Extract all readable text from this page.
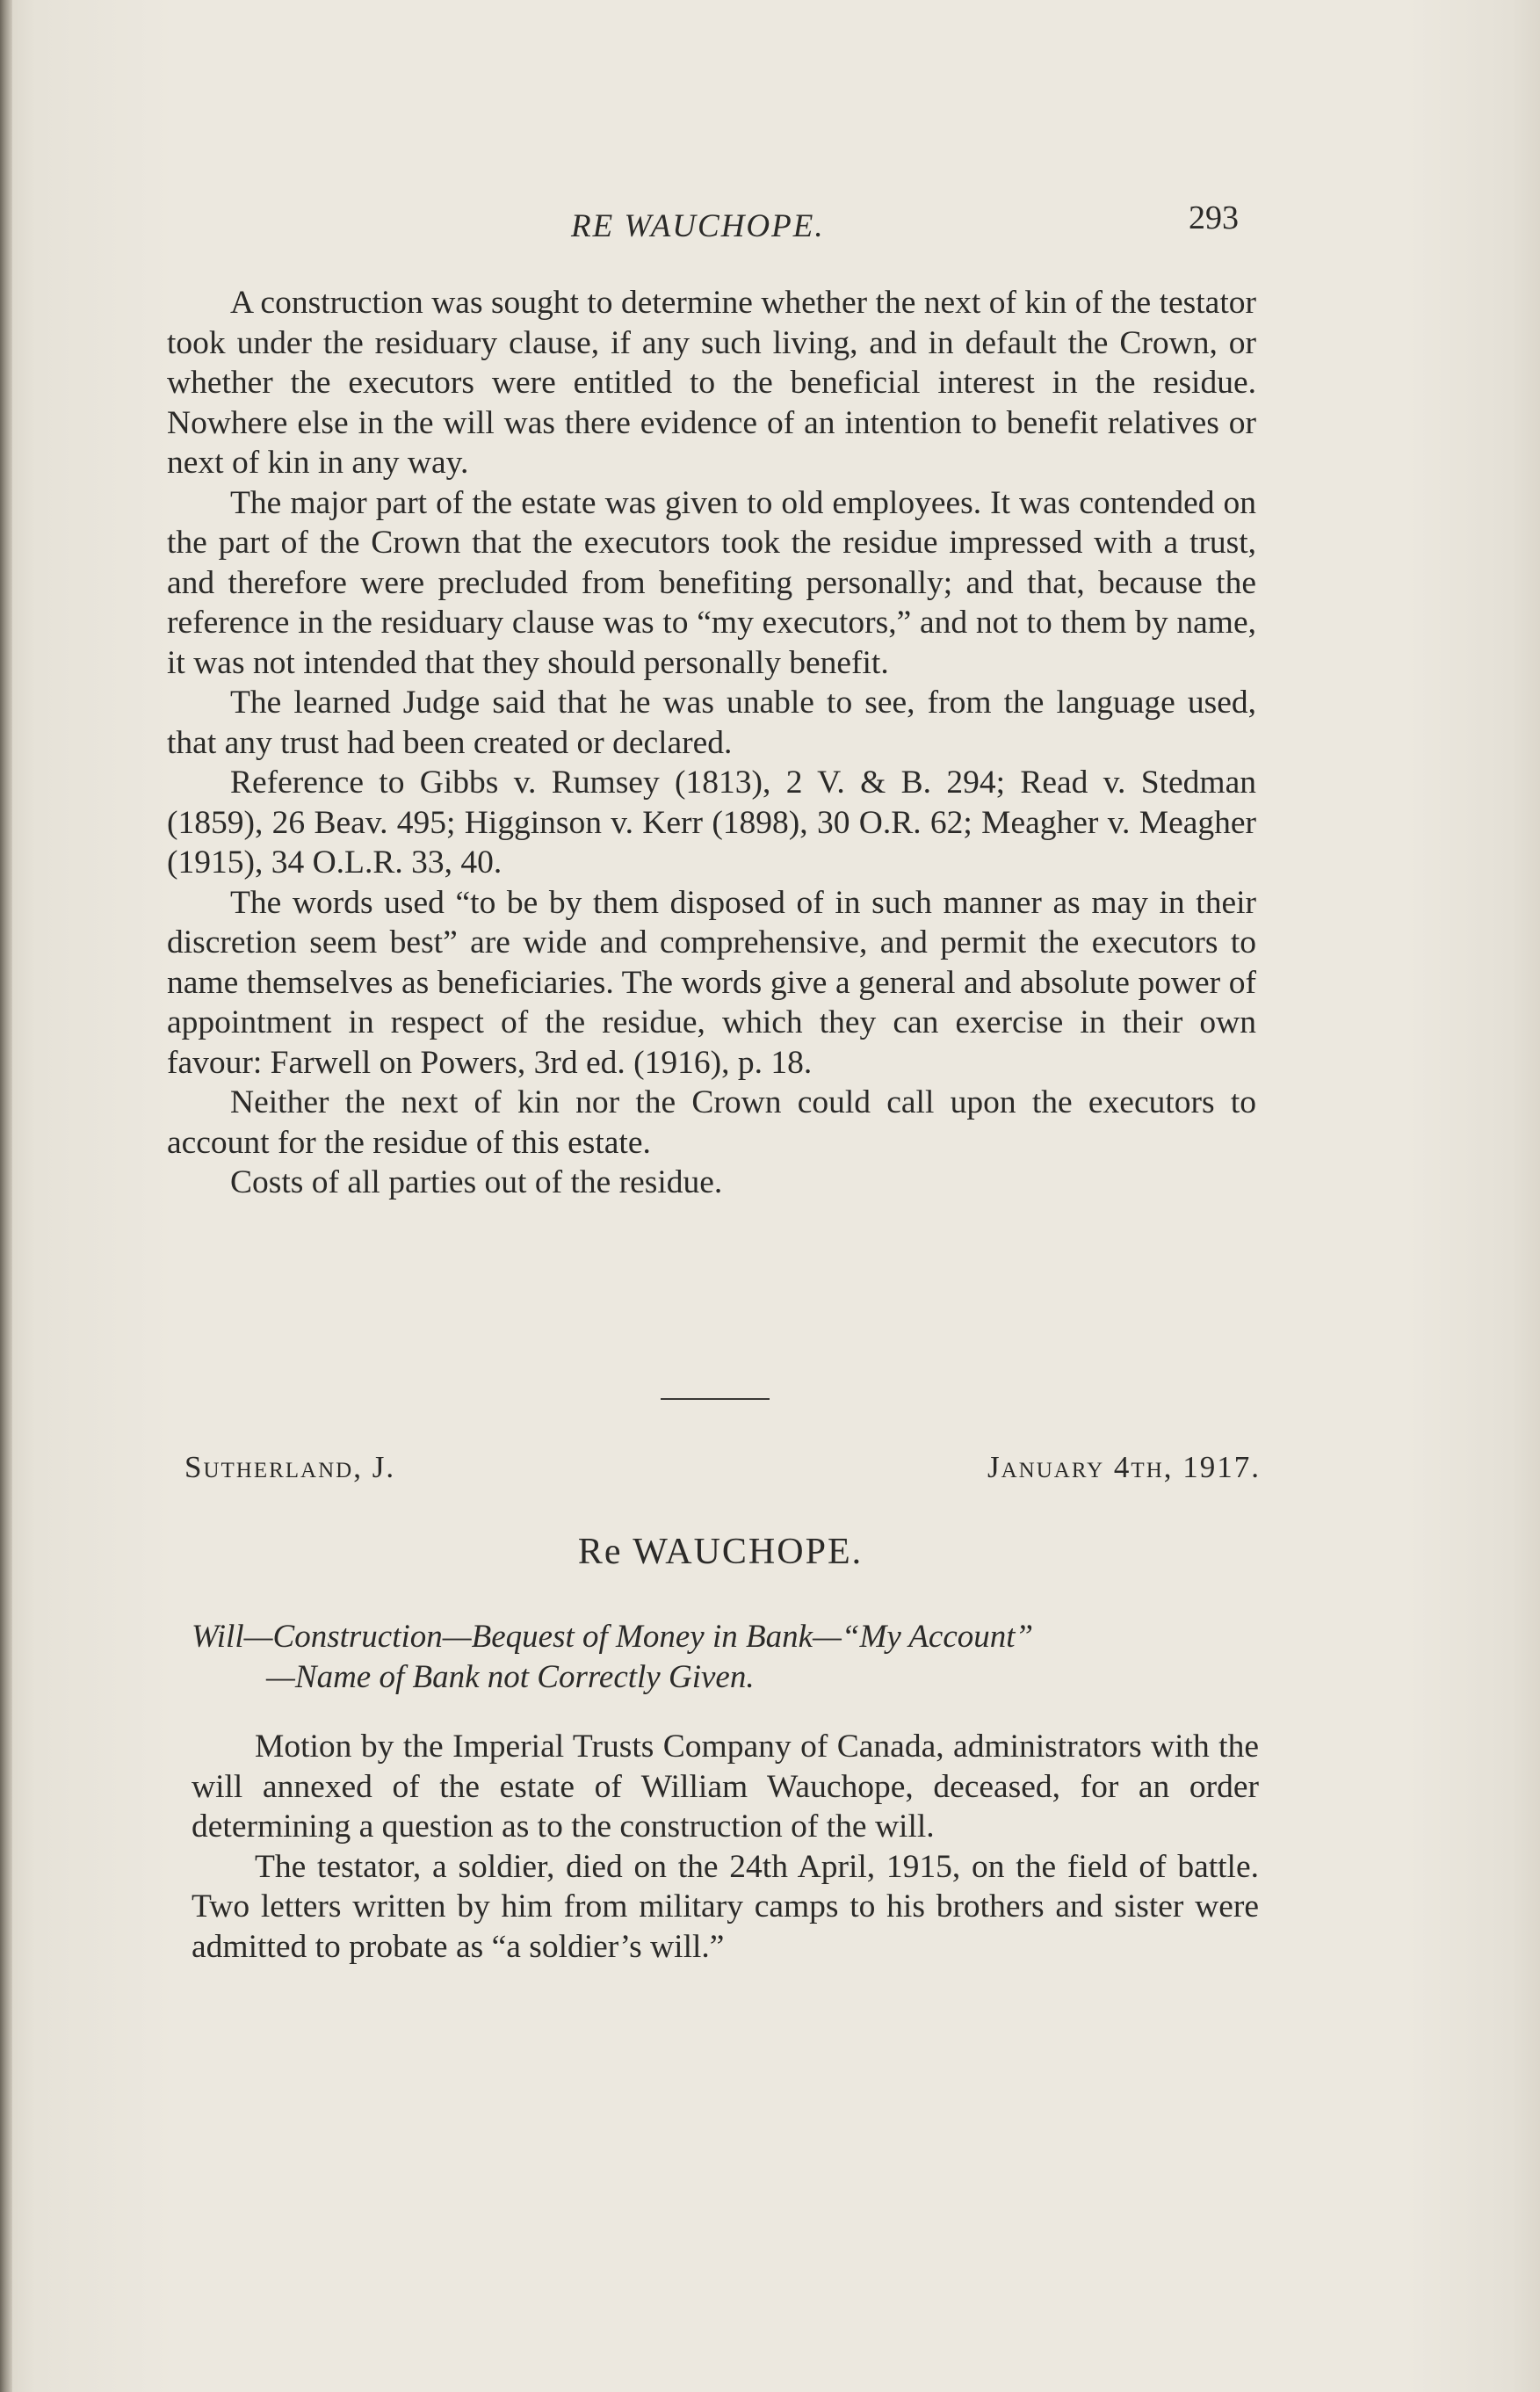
RE WAUCHOPE.	293

A construction was sought to determine whether the next of kin of the testator took under the residuary clause, if any such living, and in default the Crown, or whether the executors were entitled to the beneficial interest in the residue. Nowhere else in the will was there evidence of an intention to benefit relatives or next of kin in any way.

The major part of the estate was given to old employees. It was contended on the part of the Crown that the executors took the residue impressed with a trust, and therefore were precluded from benefiting personally; and that, because the reference in the residuary clause was to “my executors,” and not to them by name, it was not intended that they should personally benefit.

The learned Judge said that he was unable to see, from the language used, that any trust had been created or declared.

Reference to Gibbs v. Rumsey (1813), 2 V. & B. 294; Read v. Stedman (1859), 26 Beav. 495; Higginson v. Kerr (1898), 30 O.R. 62; Meagher v. Meagher (1915), 34 O.L.R. 33, 40.

The words used “to be by them disposed of in such manner as may in their discretion seem best” are wide and comprehensive, and permit the executors to name themselves as beneficiaries. The words give a general and absolute power of appointment in respect of the residue, which they can exercise in their own favour: Farwell on Powers, 3rd ed. (1916), p. 18.

Neither the next of kin nor the Crown could call upon the executors to account for the residue of this estate.

Costs of all parties out of the residue.

Sutherland, J.	January 4th, 1917.
Re WAUCHOPE.
Will—Construction—Bequest of Money in Bank—“My Account”
—Name of Bank not Correctly Given.

Motion by the Imperial Trusts Company of Canada, administrators with the will annexed of the estate of William Wauchope, deceased, for an order determining a question as to the construction of the will.

The testator, a soldier, died on the 24th April, 1915, on the field of battle. Two letters written by him from military camps to his brothers and sister were admitted to probate as “a soldier’s will.”
